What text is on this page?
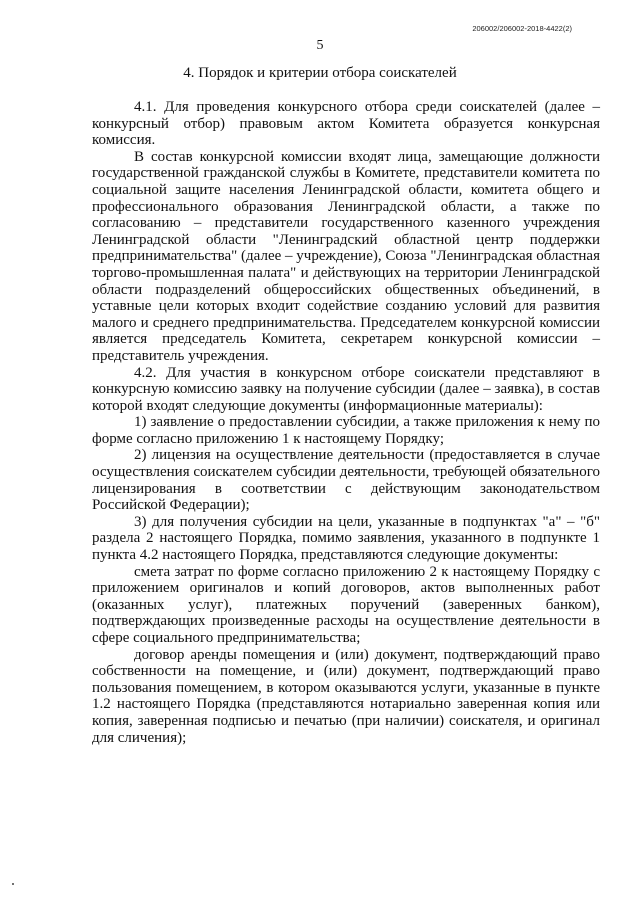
206002/206002-2018-4422(2)
5
4. Порядок и критерии отбора соискателей

4.1. Для проведения конкурсного отбора среди соискателей (далее – конкурсный отбор) правовым актом Комитета образуется конкурсная комиссия.

В состав конкурсной комиссии входят лица, замещающие должности государственной гражданской службы в Комитете, представители комитета по социальной защите населения Ленинградской области, комитета общего и профессионального образования Ленинградской области, а также по согласованию – представители государственного казенного учреждения Ленинградской области "Ленинградский областной центр поддержки предпринимательства" (далее – учреждение), Союза "Ленинградская областная торгово-промышленная палата" и действующих на территории Ленинградской области подразделений общероссийских общественных объединений, в уставные цели которых входит содействие созданию условий для развития малого и среднего предпринимательства. Председателем конкурсной комиссии является председатель Комитета, секретарем конкурсной комиссии – представитель учреждения.

4.2. Для участия в конкурсном отборе соискатели представляют в конкурсную комиссию заявку на получение субсидии (далее – заявка), в состав которой входят следующие документы (информационные материалы):

1) заявление о предоставлении субсидии, а также приложения к нему по форме согласно приложению 1 к настоящему Порядку;

2) лицензия на осуществление деятельности (предоставляется в случае осуществления соискателем субсидии деятельности, требующей обязательного лицензирования в соответствии с действующим законодательством Российской Федерации);

3) для получения субсидии на цели, указанные в подпунктах "а" – "б" раздела 2 настоящего Порядка, помимо заявления, указанного в подпункте 1 пункта 4.2 настоящего Порядка, представляются следующие документы:

смета затрат по форме согласно приложению 2 к настоящему Порядку с приложением оригиналов и копий договоров, актов выполненных работ (оказанных услуг), платежных поручений (заверенных банком), подтверждающих произведенные расходы на осуществление деятельности в сфере социального предпринимательства;

договор аренды помещения и (или) документ, подтверждающий право собственности на помещение, и (или) документ, подтверждающий право пользования помещением, в котором оказываются услуги, указанные в пункте 1.2 настоящего Порядка (представляются нотариально заверенная копия или копия, заверенная подписью и печатью (при наличии) соискателя, и оригинал для сличения);
